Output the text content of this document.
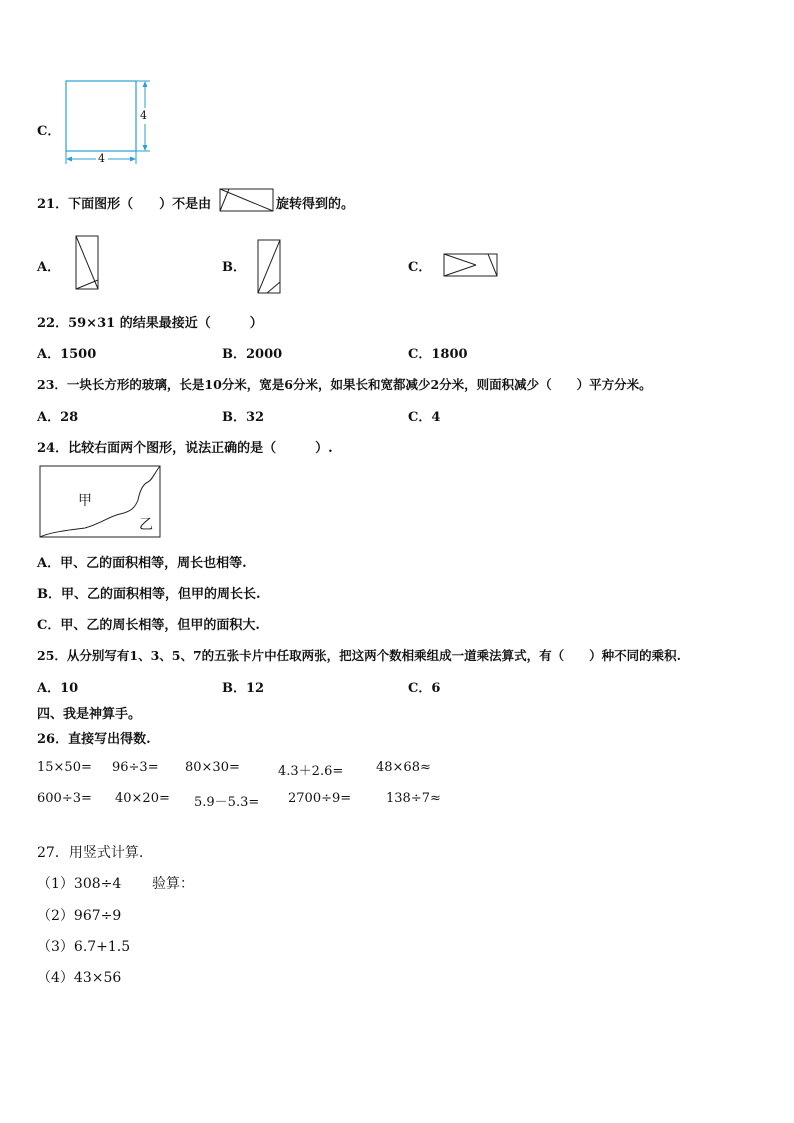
C．
4
4
21．下面图形（　　）不是由	旋转得到的。
A．	B．	C．
22．59×31 的结果最接近（　　　）
A．1500	B．2000	C．1800
23．一块长方形的玻璃，长是10分米，宽是6分米，如果长和宽都减少2分米，则面积减少（　　）平方分米。
A．28	B．32	C．4
24．比较右面两个图形，说法正确的是（　　　）.
甲
乙
A．甲、乙的面积相等，周长也相等.
B．甲、乙的面积相等，但甲的周长长.
C．甲、乙的周长相等，但甲的面积大.
25．从分别写有1、3、5、7的五张卡片中任取两张，把这两个数相乘组成一道乘法算式，有（　　）种不同的乘积.
A．10	B．12	C．6
四、我是神算手。
26．直接写出得数.
15×50= 96÷3= 80×30=	4.3＋2.6=	48×68≈
600÷3= 40×20= 5.9－5.3= 2700÷9=	138÷7≈
27．用竖式计算.
（1）308÷4 验算：
（2）967÷9
（3）6.7+1.5
（4）43×56
